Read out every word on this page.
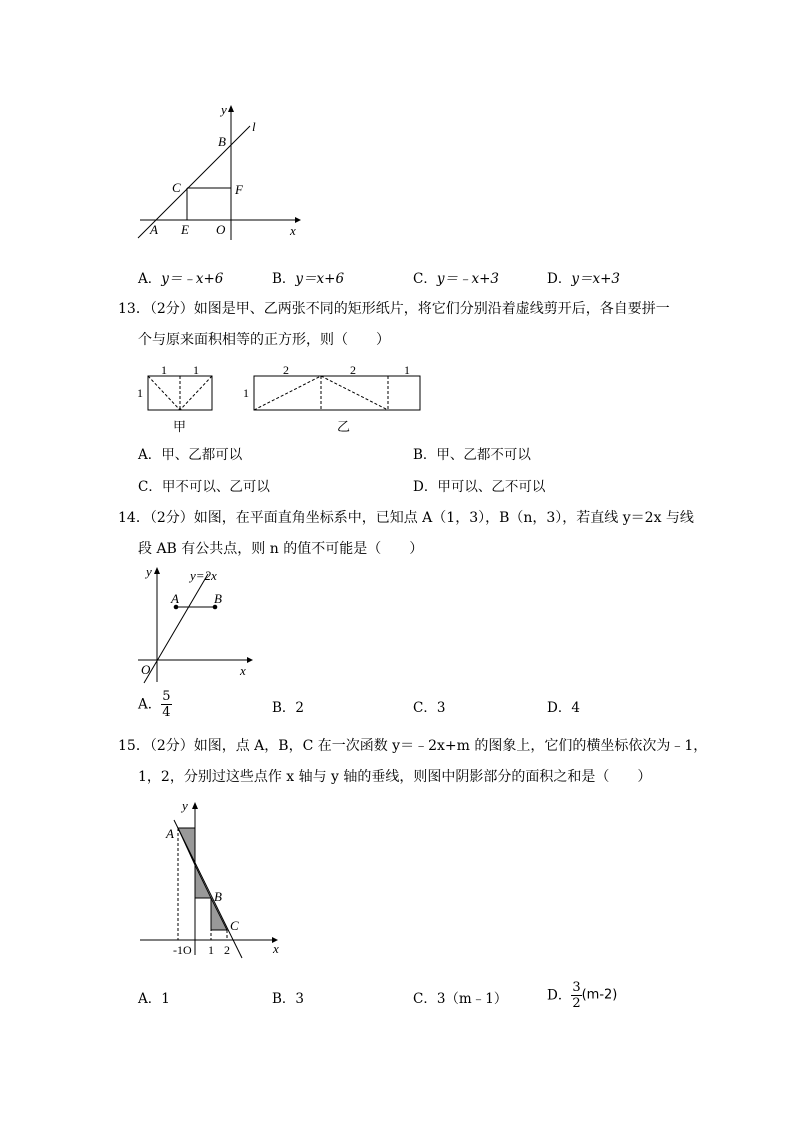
y
l
B
C	F
A E O	x
A．y＝﹣x+6	B．y＝x+6	C．y＝﹣x+3	D．y＝x+3
13．（2分）如图是甲、乙两张不同的矩形纸片，将它们分别沿着虚线剪开后，各自要拼一
个与原来面积相等的正方形，则（　　）
1 1
1
甲
2	2	1
1
乙
A．甲、乙都可以	B．甲、乙都不可以
C．甲不可以、乙可以	D．甲可以、乙不可以
14．（2分）如图，在平面直角坐标系中，已知点 A（1，3），B（n，3），若直线 y＝2x 与线
段 AB 有公共点，则 n 的值不可能是（　　）
y	y=2x
A	B
O	x
A． $\frac{5}{4}$	B．2	C．3	D．4
15．（2分）如图，点 A，B，C 在一次函数 y＝﹣2x+m 的图象上，它们的横坐标依次为﹣1，
1，2，分别过这些点作 x 轴与 y 轴的垂线，则图中阴影部分的面积之和是（　　）
y
A
B
C
-1O 1 2	x
A．1	B．3	C．3（m﹣1）	D． $\frac{3}{2} (m-2)$
